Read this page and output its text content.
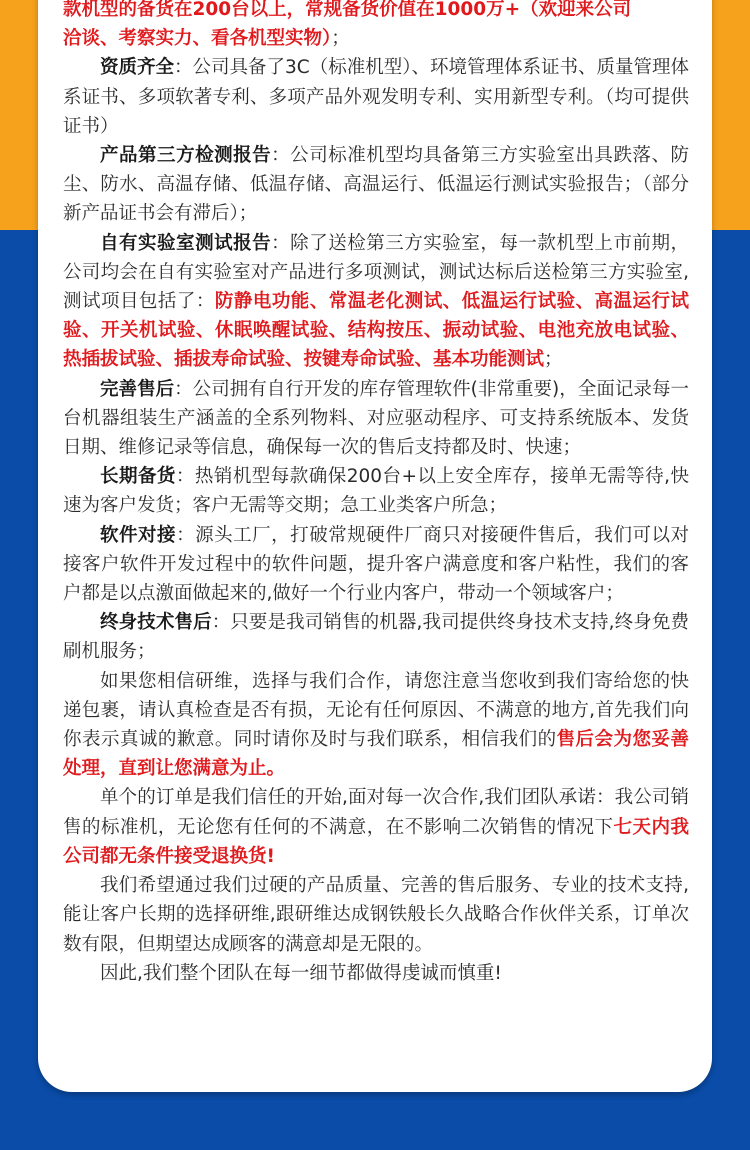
款机型的备货在200台以上，常规备货价值在1000万+（欢迎来公司
洽谈、考察实力、看各机型实物）；

资质齐全：公司具备了3C（标准机型）、环境管理体系证书、质量管理体系证书、多项软著专利、多项产品外观发明专利、实用新型专利。（均可提供证书）

产品第三方检测报告：公司标准机型均具备第三方实验室出具跌落、防尘、防水、高温存储、低温存储、高温运行、低温运行测试实验报告；（部分新产品证书会有滞后）；

自有实验室测试报告：除了送检第三方实验室，每一款机型上市前期，公司均会在自有实验室对产品进行多项测试，测试达标后送检第三方实验室,测试项目包括了：防静电功能、常温老化测试、低温运行试验、高温运行试验、开关机试验、休眠唤醒试验、结构按压、振动试验、电池充放电试验、热插拔试验、插拔寿命试验、按键寿命试验、基本功能测试；

完善售后：公司拥有自行开发的库存管理软件(非常重要)，全面记录每一台机器组装生产涵盖的全系列物料、对应驱动程序、可支持系统版本、发货日期、维修记录等信息，确保每一次的售后支持都及时、快速；

长期备货：热销机型每款确保200台+以上安全库存，接单无需等待,快速为客户发货；客户无需等交期；急工业类客户所急；

软件对接：源头工厂，打破常规硬件厂商只对接硬件售后，我们可以对接客户软件开发过程中的软件问题，提升客户满意度和客户粘性，我们的客户都是以点激面做起来的,做好一个行业内客户，带动一个领域客户；

终身技术售后：只要是我司销售的机器,我司提供终身技术支持,终身免费刷机服务；

如果您相信研维，选择与我们合作，请您注意当您收到我们寄给您的快递包裹，请认真检查是否有损，无论有任何原因、不满意的地方,首先我们向你表示真诚的歉意。同时请你及时与我们联系，相信我们的售后会为您妥善处理，直到让您满意为止。

单个的订单是我们信任的开始,面对每一次合作,我们团队承诺：我公司销售的标准机，无论您有任何的不满意，在不影响二次销售的情况下七天内我公司都无条件接受退换货!

我们希望通过我们过硬的产品质量、完善的售后服务、专业的技术支持,能让客户长期的选择研维,跟研维达成钢铁般长久战略合作伙伴关系，订单次数有限，但期望达成顾客的满意却是无限的。

因此,我们整个团队在每一细节都做得虔诚而慎重!
